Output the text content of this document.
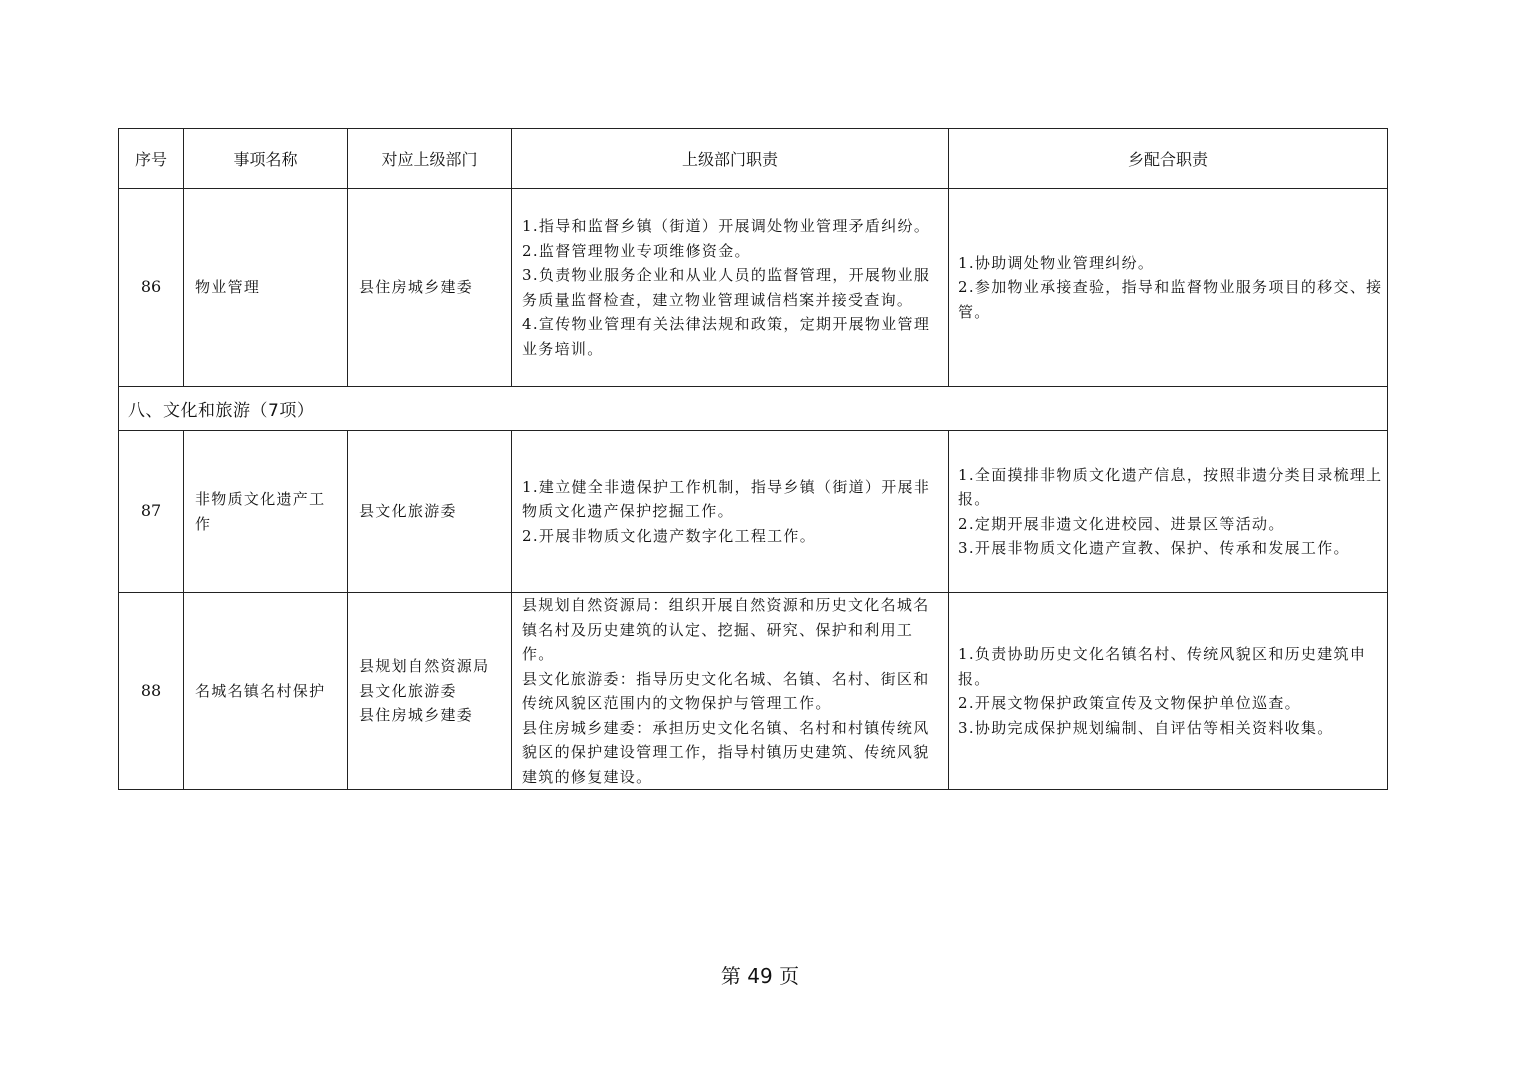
序号	事项名称	对应上级部门	上级部门职责	乡配合职责
86	物业管理	县住房城乡建委	1.指导和监督乡镇（街道）开展调处物业管理矛盾纠纷。
2.监督管理物业专项维修资金。
3.负责物业服务企业和从业人员的监督管理，开展物业服务质量监督检查，建立物业管理诚信档案并接受查询。
4.宣传物业管理有关法律法规和政策，定期开展物业管理业务培训。	1.协助调处物业管理纠纷。
2.参加物业承接查验，指导和监督物业服务项目的移交、接管。

八、文化和旅游（7项）				
87	非物质文化遗产工作	县文化旅游委	1.建立健全非遗保护工作机制，指导乡镇（街道）开展非物质文化遗产保护挖掘工作。
2.开展非物质文化遗产数字化工程工作。	1.全面摸排非物质文化遗产信息，按照非遗分类目录梳理上报。
2.定期开展非遗文化进校园、进景区等活动。
3.开展非物质文化遗产宣教、保护、传承和发展工作。

88	名城名镇名村保护	县规划自然资源局
县文化旅游委
县住房城乡建委	县规划自然资源局：组织开展自然资源和历史文化名城名镇名村及历史建筑的认定、挖掘、研究、保护和利用工作。
县文化旅游委：指导历史文化名城、名镇、名村、街区和传统风貌区范围内的文物保护与管理工作。
县住房城乡建委：承担历史文化名镇、名村和村镇传统风貌区的保护建设管理工作，指导村镇历史建筑、传统风貌建筑的修复建设。	1.负责协助历史文化名镇名村、传统风貌区和历史建筑申报。
2.开展文物保护政策宣传及文物保护单位巡查。
3.协助完成保护规划编制、自评估等相关资料收集。
第 49 页
